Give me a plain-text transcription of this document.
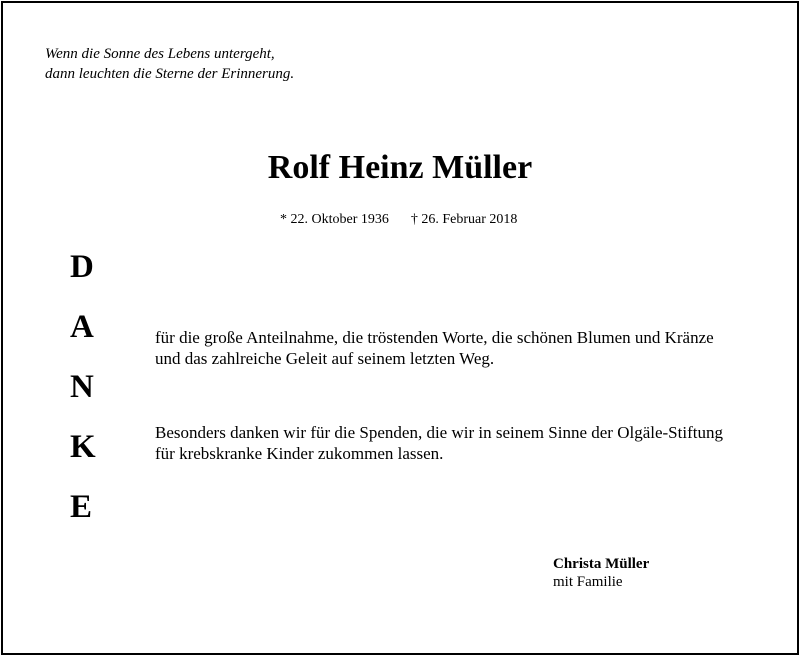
Wenn die Sonne des Lebens untergeht,
dann leuchten die Sterne der Erinnerung.
Rolf Heinz Müller
* 22. Oktober 1936 † 26. Februar 2018
D
A
N
K
E
für die große Anteilnahme, die tröstenden Worte, die schönen Blumen und Kränze
und das zahlreiche Geleit auf seinem letzten Weg.
Besonders danken wir für die Spenden, die wir in seinem Sinne der Olgäle-Stiftung
für krebskranke Kinder zukommen lassen.
Christa Müller
mit Familie
